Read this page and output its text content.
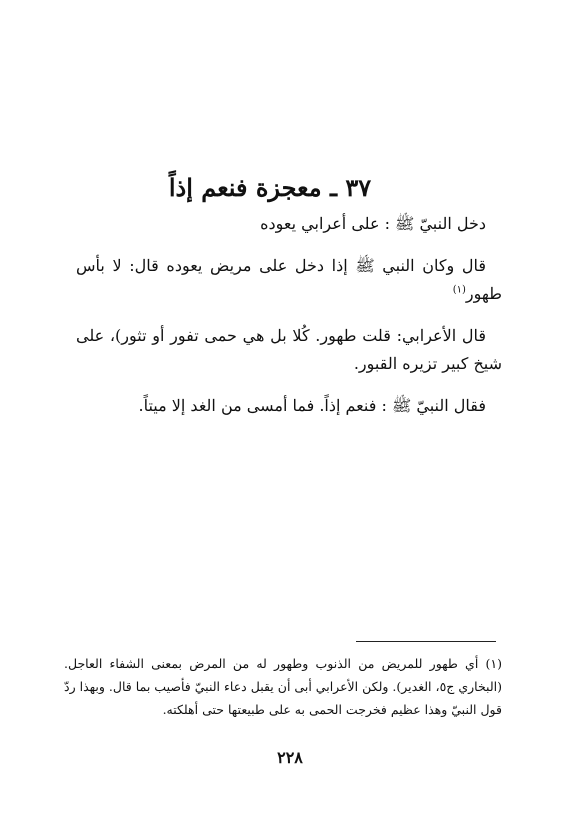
٣٧ ـ معجزة فنعم إذاً

دخل النبيّ ﷺ : على أعرابي يعوده

قال وكان النبي ﷺ إذا دخل على مريض يعوده قال: لا بأس طهور$^{(١)}$

قال الأعرابي: قلت طهور. كُلا بل هي حمى تفور أو تثور)، على شيخ كبير تزيره القبور.

فقال النبيّ ﷺ : فنعم إذاً. فما أمسى من الغد إلا ميتاً.

(١) أي طهور للمريض من الذنوب وطهور له من المرض بمعنى الشفاء العاجل. (البخاري ج٥، الغدير). ولكن الأعرابي أبى أن يقبل دعاء النبيّ فأصيب بما قال. وبهذا ردّ قول النبيّ وهذا عظيم فخرجت الحمى به على طبيعتها حتى أهلكته.
٢٢٨
